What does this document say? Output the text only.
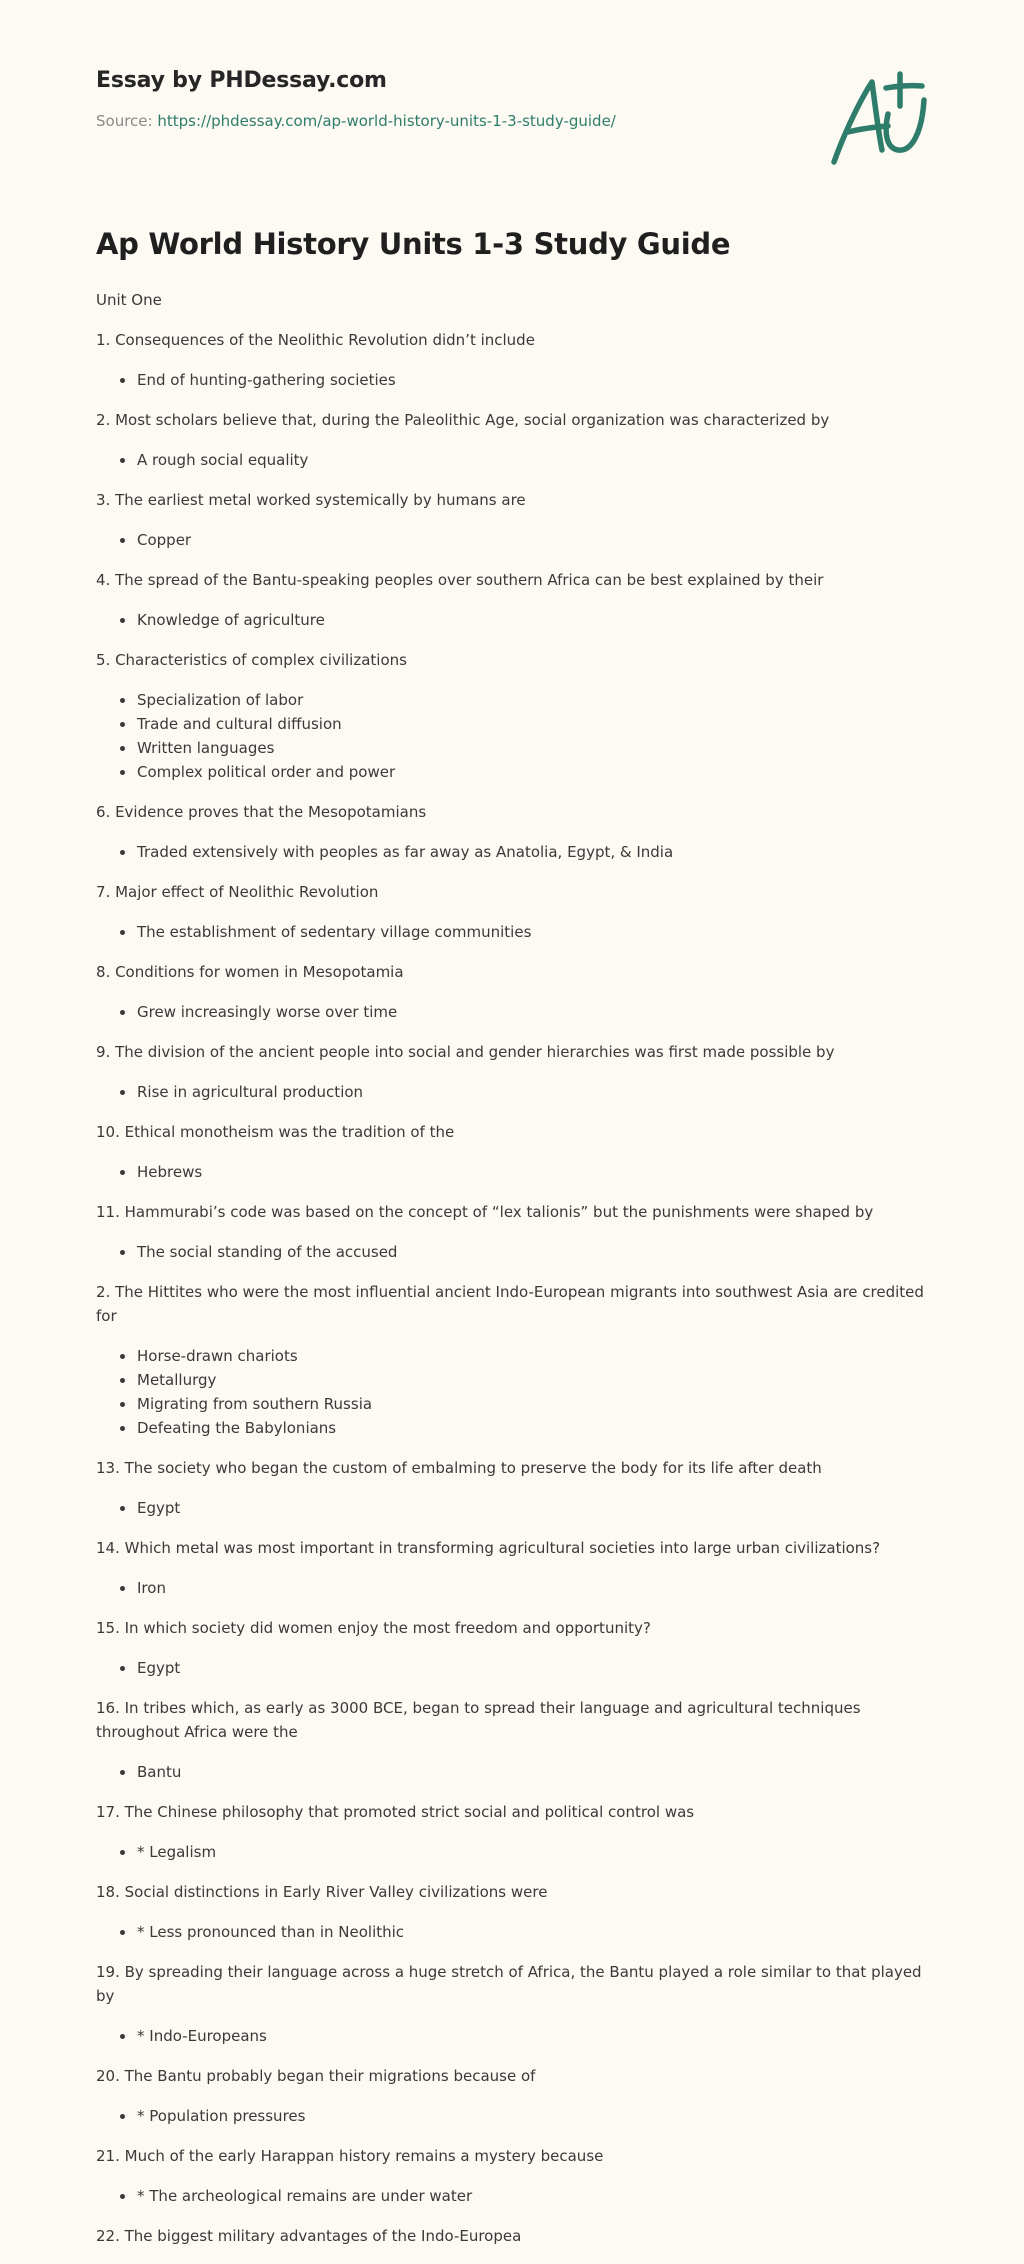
Essay by PHDessay.com
Source: https://phdessay.com/ap-world-history-units-1-3-study-guide/
Ap World History Units 1-3 Study Guide
Unit One
1. Consequences of the Neolithic Revolution didn’t include
• End of hunting-gathering societies
2. Most scholars believe that, during the Paleolithic Age, social organization was characterized by
• A rough social equality
3. The earliest metal worked systemically by humans are
• Copper
4. The spread of the Bantu-speaking peoples over southern Africa can be best explained by their
• Knowledge of agriculture
5. Characteristics of complex civilizations
• Specialization of labor
• Trade and cultural diffusion
• Written languages
• Complex political order and power
6. Evidence proves that the Mesopotamians
• Traded extensively with peoples as far away as Anatolia, Egypt, & India
7. Major effect of Neolithic Revolution
• The establishment of sedentary village communities
8. Conditions for women in Mesopotamia
• Grew increasingly worse over time
9. The division of the ancient people into social and gender hierarchies was first made possible by
• Rise in agricultural production
10. Ethical monotheism was the tradition of the
• Hebrews
11. Hammurabi’s code was based on the concept of “lex talionis” but the punishments were shaped by
• The social standing of the accused
2. The Hittites who were the most influential ancient Indo-European migrants into southwest Asia are credited for
• Horse-drawn chariots
• Metallurgy
• Migrating from southern Russia
• Defeating the Babylonians
13. The society who began the custom of embalming to preserve the body for its life after death
• Egypt
14. Which metal was most important in transforming agricultural societies into large urban civilizations?
• Iron
15. In which society did women enjoy the most freedom and opportunity?
• Egypt
16. In tribes which, as early as 3000 BCE, began to spread their language and agricultural techniques throughout Africa were the
• Bantu
17. The Chinese philosophy that promoted strict social and political control was
• * Legalism
18. Social distinctions in Early River Valley civilizations were
• * Less pronounced than in Neolithic
19. By spreading their language across a huge stretch of Africa, the Bantu played a role similar to that played by
• * Indo-Europeans
20. The Bantu probably began their migrations because of
• * Population pressures
21. Much of the early Harappan history remains a mystery because
• * The archeological remains are under water
22. The biggest military advantages of the Indo-Europea
